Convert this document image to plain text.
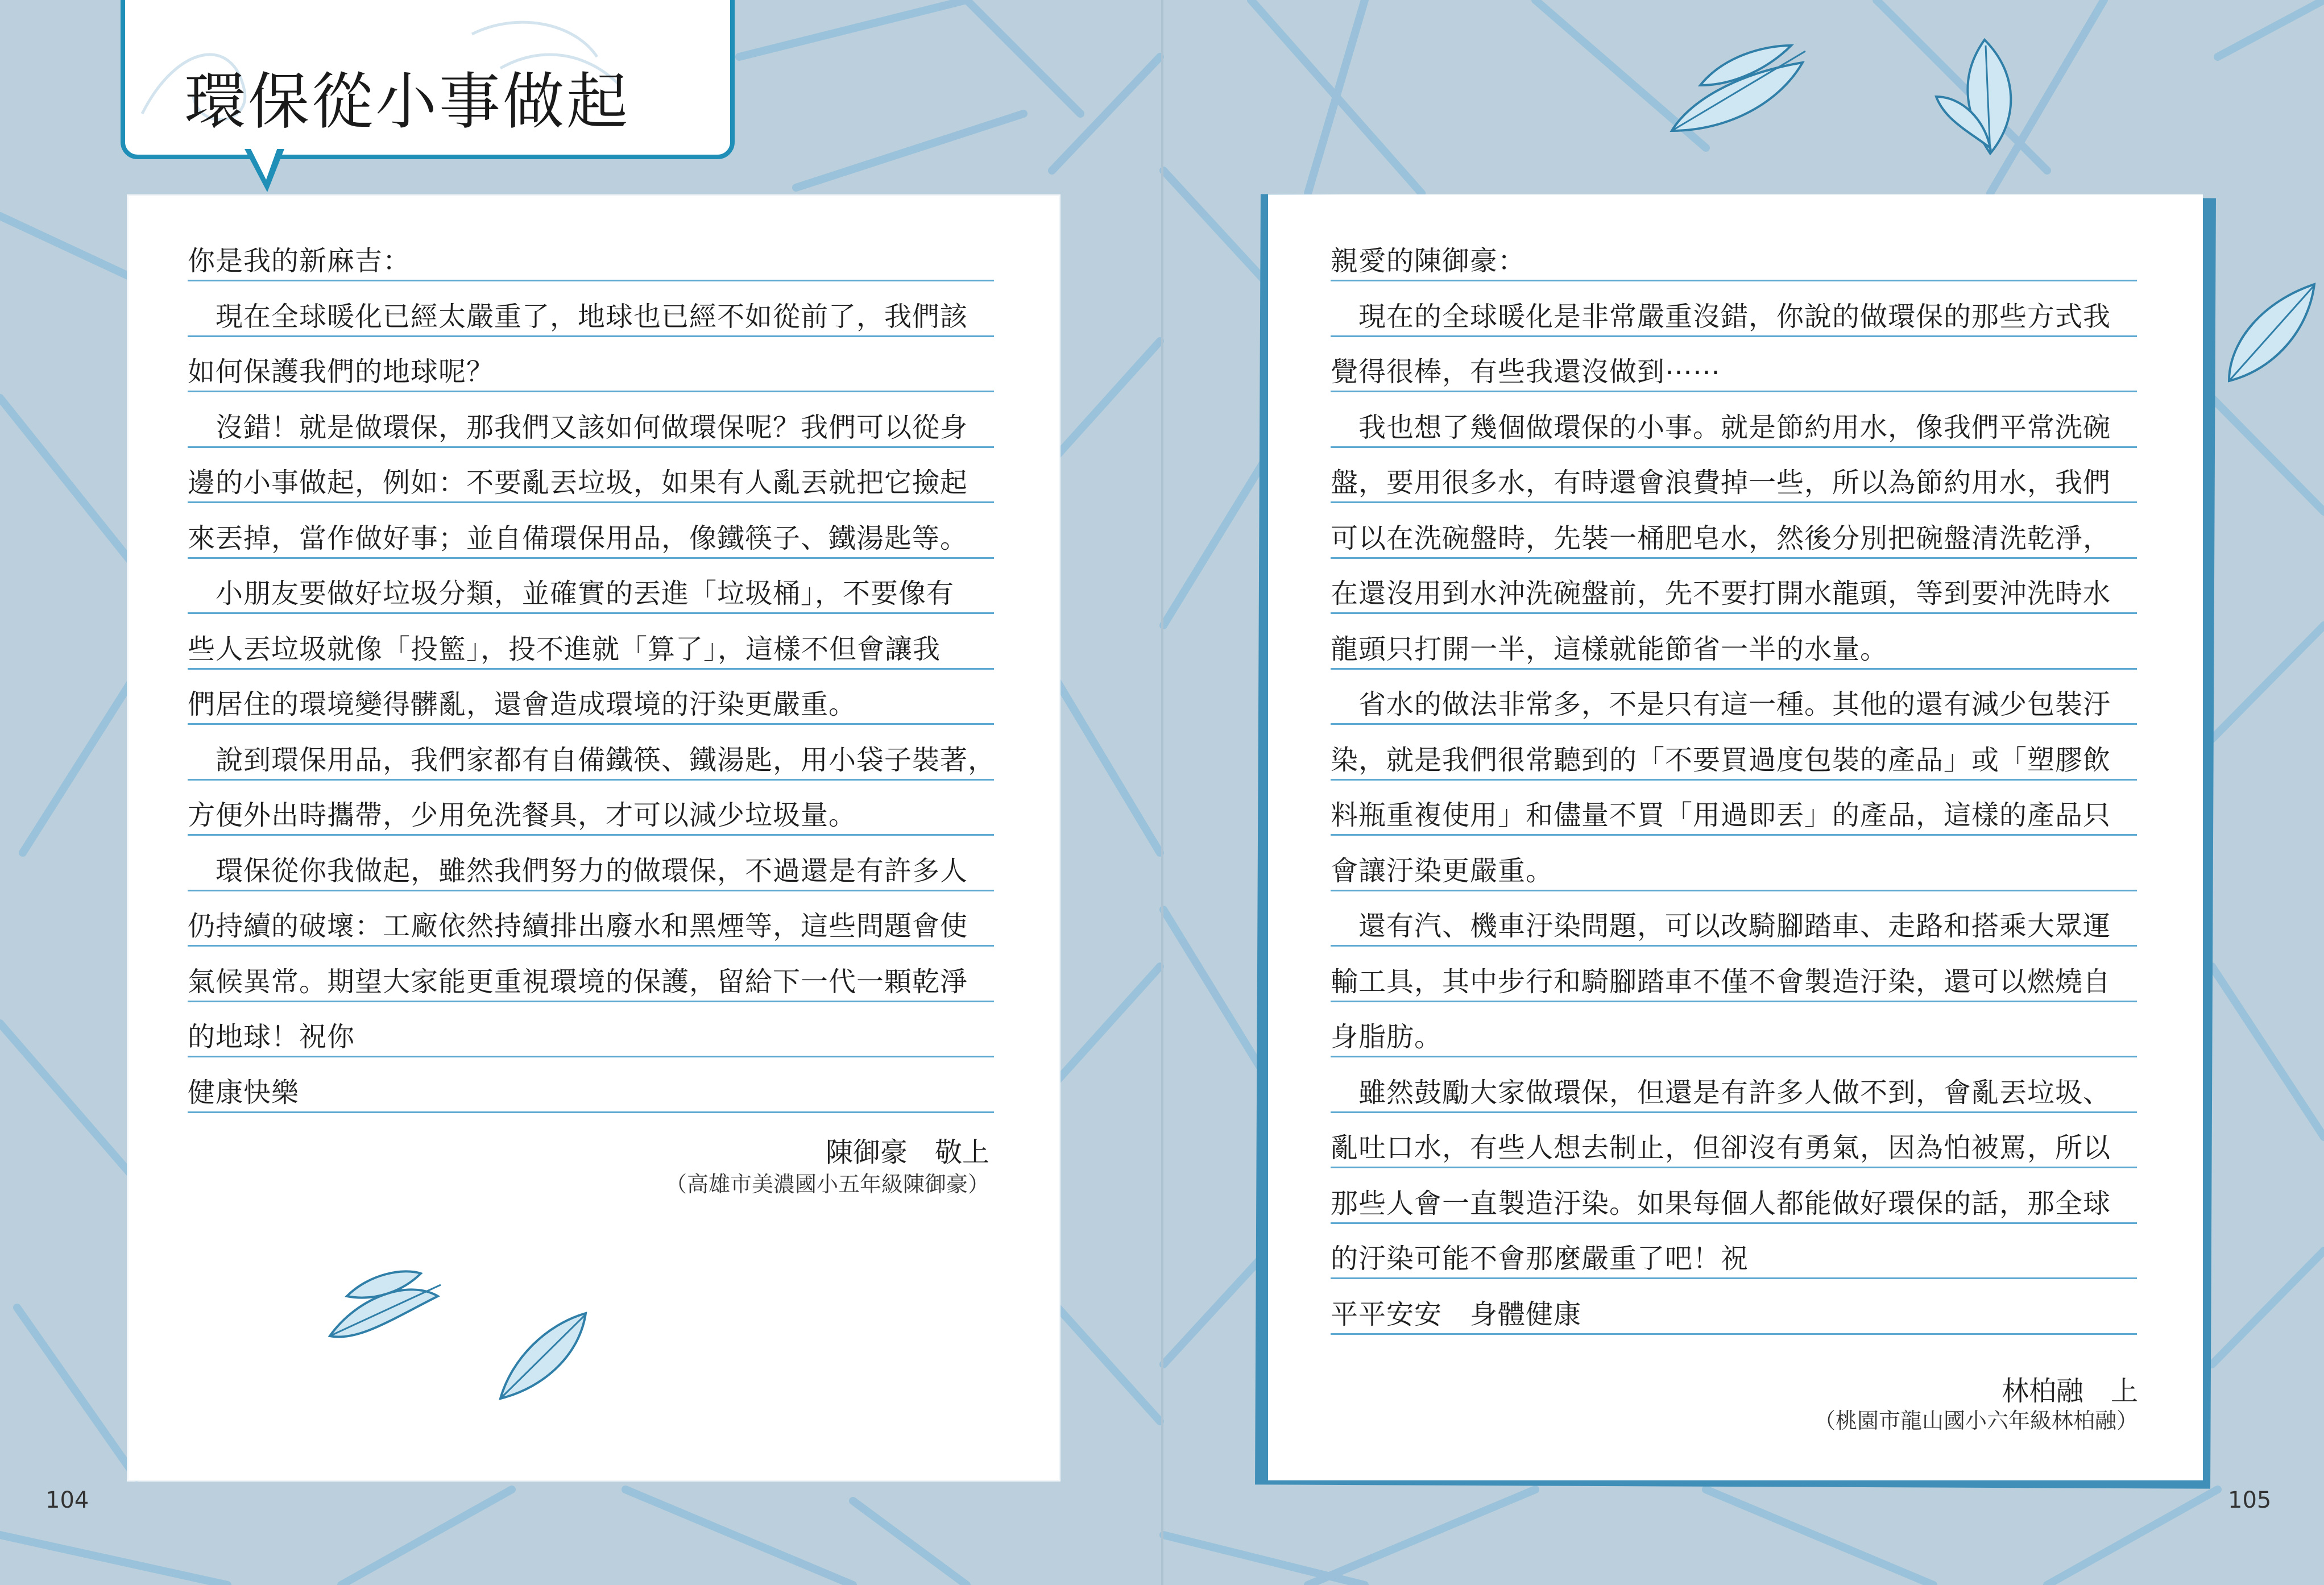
環保從小事做起
你是我的新麻吉：
　現在全球暖化已經太嚴重了，地球也已經不如從前了，我們該
如何保護我們的地球呢？
　沒錯！就是做環保，那我們又該如何做環保呢？我們可以從身
邊的小事做起，例如：不要亂丟垃圾，如果有人亂丟就把它撿起
來丟掉，當作做好事；並自備環保用品，像鐵筷子、鐵湯匙等。
　小朋友要做好垃圾分類，並確實的丟進「垃圾桶」，不要像有
些人丟垃圾就像「投籃」，投不進就「算了」，這樣不但會讓我
們居住的環境變得髒亂，還會造成環境的汙染更嚴重。
　說到環保用品，我們家都有自備鐵筷、鐵湯匙，用小袋子裝著，
方便外出時攜帶，少用免洗餐具，才可以減少垃圾量。
　環保從你我做起，雖然我們努力的做環保，不過還是有許多人
仍持續的破壞：工廠依然持續排出廢水和黑煙等，這些問題會使
氣候異常。期望大家能更重視環境的保護，留給下一代一顆乾淨
的地球！祝你
健康快樂
陳御豪　敬上
（高雄市美濃國小五年級陳御豪）
親愛的陳御豪：
　現在的全球暖化是非常嚴重沒錯，你說的做環保的那些方式我
覺得很棒，有些我還沒做到⋯⋯
　我也想了幾個做環保的小事。就是節約用水，像我們平常洗碗
盤，要用很多水，有時還會浪費掉一些，所以為節約用水，我們
可以在洗碗盤時，先裝一桶肥皂水，然後分別把碗盤清洗乾淨，
在還沒用到水沖洗碗盤前，先不要打開水龍頭，等到要沖洗時水
龍頭只打開一半，這樣就能節省一半的水量。
　省水的做法非常多，不是只有這一種。其他的還有減少包裝汙
染，就是我們很常聽到的「不要買過度包裝的產品」或「塑膠飲
料瓶重複使用」和儘量不買「用過即丟」的產品，這樣的產品只
會讓汙染更嚴重。
　還有汽、機車汙染問題，可以改騎腳踏車、走路和搭乘大眾運
輸工具，其中步行和騎腳踏車不僅不會製造汙染，還可以燃燒自
身脂肪。
　雖然鼓勵大家做環保，但還是有許多人做不到，會亂丟垃圾、
亂吐口水，有些人想去制止，但卻沒有勇氣，因為怕被罵，所以
那些人會一直製造汙染。如果每個人都能做好環保的話，那全球
的汙染可能不會那麼嚴重了吧！祝
平平安安　身體健康
林柏融　上
（桃園市龍山國小六年級林柏融）
104	105
